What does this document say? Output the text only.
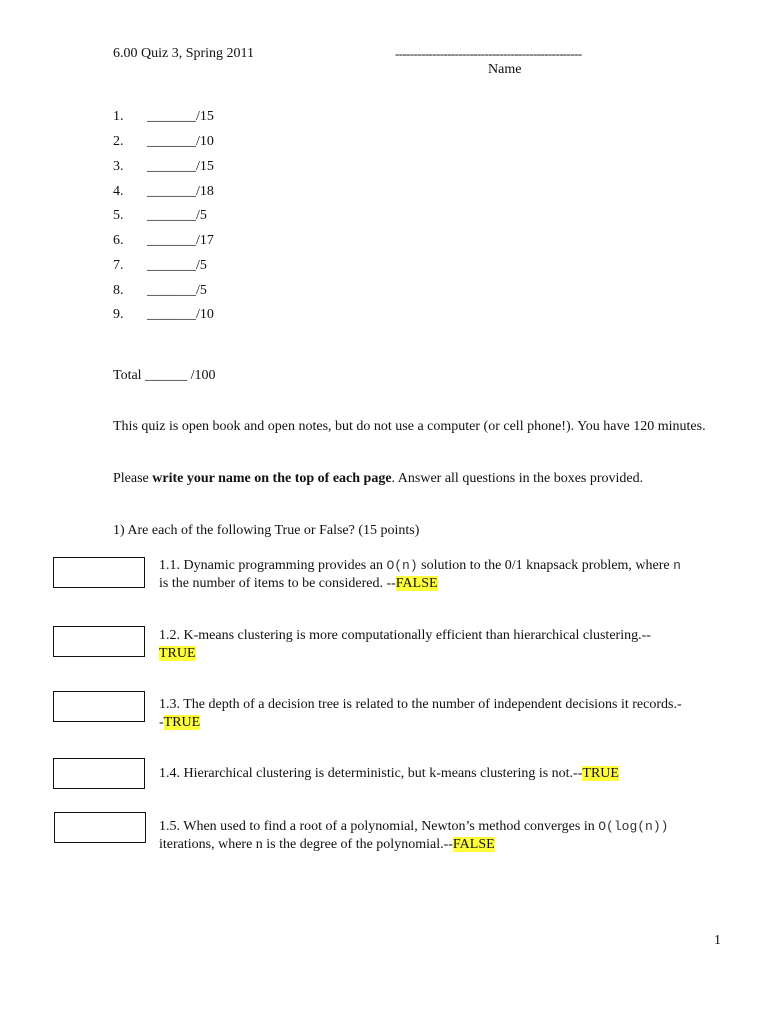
6.00 Quiz 3, Spring 2011	--------------------------------------------------
Name
1.	_______/15
2.	_______/10
3.	_______/15
4.	_______/18
5.	_______/5
6.	_______/17
7.	_______/5
8.	_______/5
9.	_______/10
Total ______ /100
This quiz is open book and open notes, but do not use a computer (or cell phone!). You have 120 minutes.
Please write your name on the top of each page. Answer all questions in the boxes provided.
1) Are each of the following True or False? (15 points)
1.1. Dynamic programming provides an O(n) solution to the 0/1 knapsack problem, where n
is the number of items to be considered. --FALSE
1.2. K-means clustering is more computationally efficient than hierarchical clustering.--
TRUE
1.3. The depth of a decision tree is related to the number of independent decisions it records.-
-TRUE
1.4. Hierarchical clustering is deterministic, but k-means clustering is not.--TRUE
1.5. When used to find a root of a polynomial, Newton’s method converges in O(log(n))
iterations, where n is the degree of the polynomial.--FALSE
1
